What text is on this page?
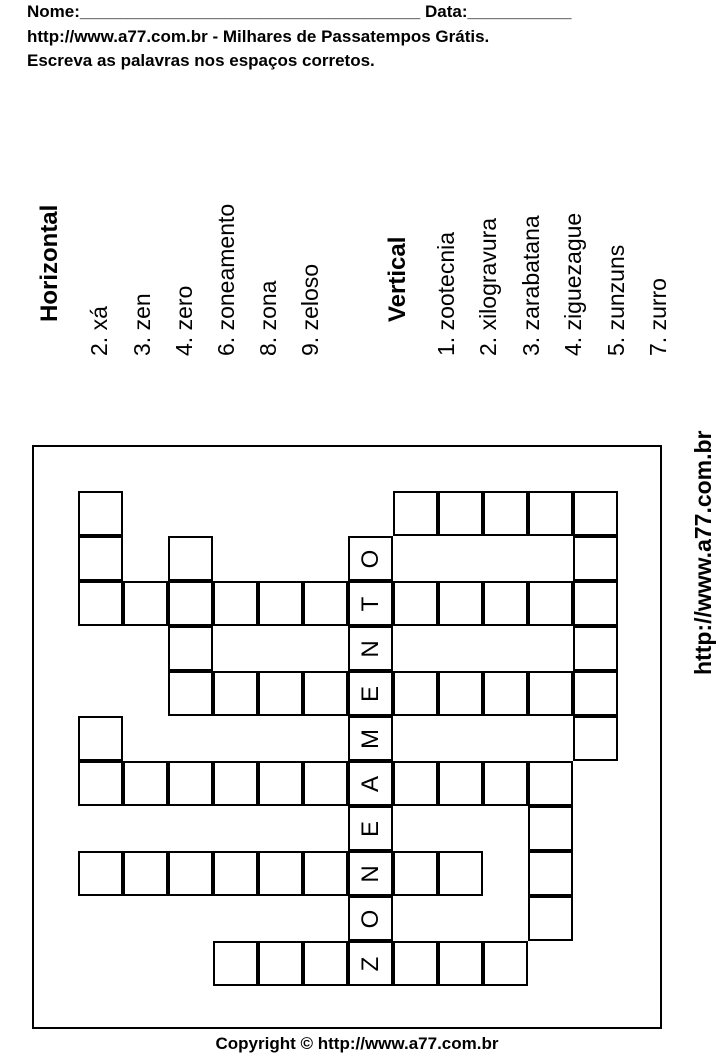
Nome:____________________________________ Data:___________
http://www.a77.com.br - Milhares de Passatempos Grátis.
Escreva as palavras nos espaços corretos.
Horizontal
2. xá 3. zen 4. zero 6. zoneamento 8. zona 9. zeloso	Vertical 1. zootecnia 2. xilogravura 3. zarabatana 4. ziguezague 5. zunzuns 7. zurro
http://www.a77.com.br
Z
O
N
E
A
M
E
N
T
O
Copyright © http://www.a77.com.br
